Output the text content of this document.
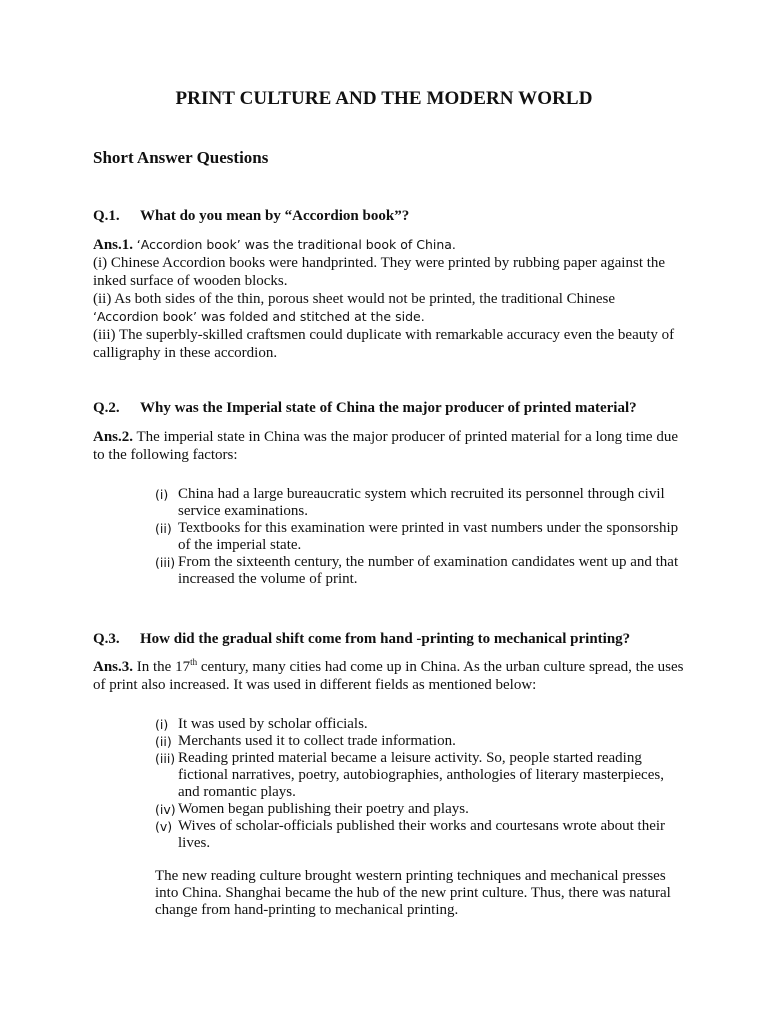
PRINT CULTURE AND THE MODERN WORLD
Short Answer Questions
Q.1. What do you mean by “Accordion book”?

Ans.1. ‘Accordion book’ was the traditional book of China.

(i) Chinese Accordion books were handprinted. They were printed by rubbing paper against the inked surface of wooden blocks.

(ii) As both sides of the thin, porous sheet would not be printed, the traditional Chinese

‘Accordion book’ was folded and stitched at the side.

(iii) The superbly-skilled craftsmen could duplicate with remarkable accuracy even the beauty of calligraphy in these accordion.

Q.2. Why was the Imperial state of China the major producer of printed material?

Ans.2. The imperial state in China was the major producer of printed material for a long time due to the following factors:

(i) China had a large bureaucratic system which recruited its personnel through civil service examinations.
(ii) Textbooks for this examination were printed in vast numbers under the sponsorship of the imperial state.
(iii) From the sixteenth century, the number of examination candidates went up and that increased the volume of print.
Q.3. How did the gradual shift come from hand -printing to mechanical printing?

Ans.3. In the 17th century, many cities had come up in China. As the urban culture spread, the uses of print also increased. It was used in different fields as mentioned below:

(i) It was used by scholar officials.
(ii) Merchants used it to collect trade information.
(iii) Reading printed material became a leisure activity. So, people started reading fictional narratives, poetry, autobiographies, anthologies of literary masterpieces, and romantic plays.
(iv) Women began publishing their poetry and plays.
(v) Wives of scholar-officials published their works and courtesans wrote about their lives.
The new reading culture brought western printing techniques and mechanical presses into China. Shanghai became the hub of the new print culture. Thus, there was natural change from hand-printing to mechanical printing.
